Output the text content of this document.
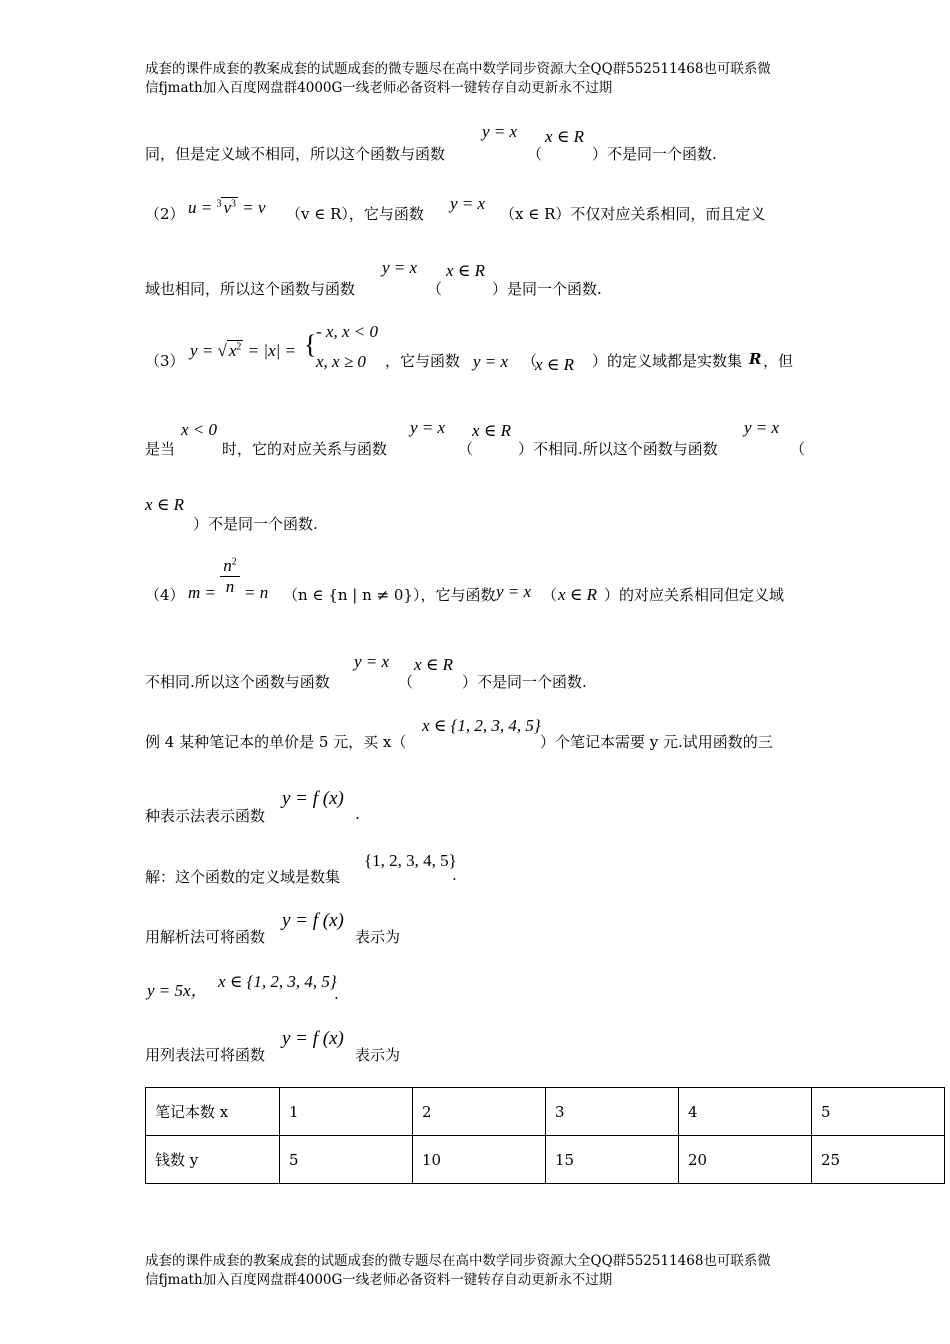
成套的课件成套的教案成套的试题成套的微专题尽在高中数学同步资源大全QQ群552511468也可联系微
信fjmath加入百度网盘群4000G一线老师必备资料一键转存自动更新永不过期
同，但是定义域不相同，所以这个函数与函数
y = x
（
x ∈ R
）不是同一个函数.
（2） u = $^3$ $v^3 = v$ （v ∈ R），它与函数
y = x
（x ∈ R）不仅对应关系相同，而且定义
域也相同，所以这个函数与函数
y = x
（
x ∈ R
）是同一个函数.
（3）
y = √ $x^2 = |x|$ = { - x, x < 0
x, x ≥ 0 ，它与函数 y = x （
x ∈ R ）的定义域都是实数集 R ，但
是当
x < 0
时，它的对应关系与函数
y = x
（
x ∈ R
）不相同.所以这个函数与函数
y = x
（
x ∈ R
）不是同一个函数.
（4） $m = \frac{n^2}{n} = n$ （n ∈ {n | n ≠ 0}），它与函数 y = x （ x ∈ R ）的对应关系相同但定义域
不相同.所以这个函数与函数
y = x
（
x ∈ R
）不是同一个函数.
例 4 某种笔记本的单价是 5 元，买 x（
x ∈ {1, 2, 3, 4, 5}
）个笔记本需要 y 元.试用函数的三
种表示法表示函数
y = f (x)
.
解：这个函数的定义域是数集
{1, 2, 3, 4, 5}
.
用解析法可将函数
y = f (x)
表示为
y = 5x， x ∈ {1, 2, 3, 4, 5}
.
用列表法可将函数
y = f (x)
表示为
笔记本数 x	1	2	3	4	5
钱数 y	5	10	15	20	25
成套的课件成套的教案成套的试题成套的微专题尽在高中数学同步资源大全QQ群552511468也可联系微
信fjmath加入百度网盘群4000G一线老师必备资料一键转存自动更新永不过期
